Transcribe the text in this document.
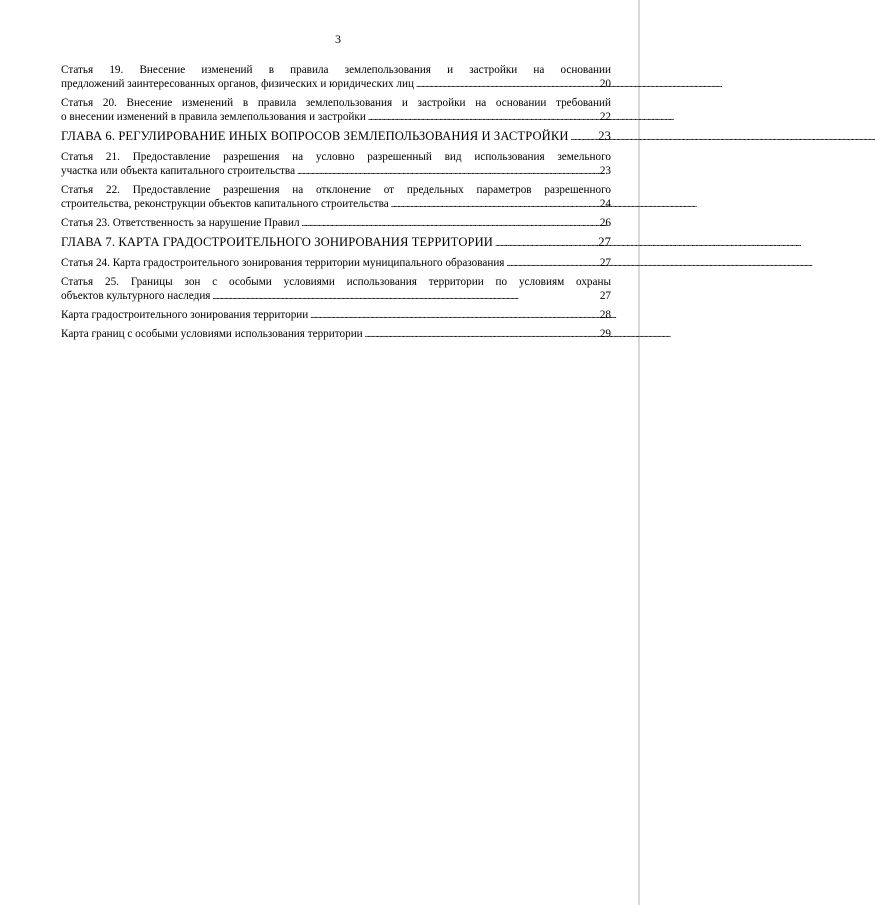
3
Статья 19. Внесение изменений в правила землепользования и застройки на основании
предложений заинтересованных органов, физических и юридических лиц . . .	20
Статья 20. Внесение изменений в правила землепользования и застройки на основании требований
о внесении изменений в правила землепользования и застройки . . .	22
ГЛАВА 6. РЕГУЛИРОВАНИЕ ИНЫХ ВОПРОСОВ ЗЕМЛЕПОЛЬЗОВАНИЯ И ЗАСТРОЙКИ . . . 23
Статья 21. Предоставление разрешения на условно разрешенный вид использования земельного
участка или объекта капитального строительства . . .	23
Статья 22. Предоставление разрешения на отклонение от предельных параметров разрешенного
строительства, реконструкции объектов капитального строительства . . .	24
Статья 23. Ответственность за нарушение Правил . . .	26
ГЛАВА 7. КАРТА ГРАДОСТРОИТЕЛЬНОГО ЗОНИРОВАНИЯ ТЕРРИТОРИИ . . .	27
Статья 24. Карта градостроительного зонирования территории муниципального образования . . .	27
Статья 25. Границы зон с особыми условиями использования территории по условиям охраны
объектов культурного наследия . . .	27
Карта градостроительного зонирования территории . . .	28
Карта границ с особыми условиями использования территории . . .	29
